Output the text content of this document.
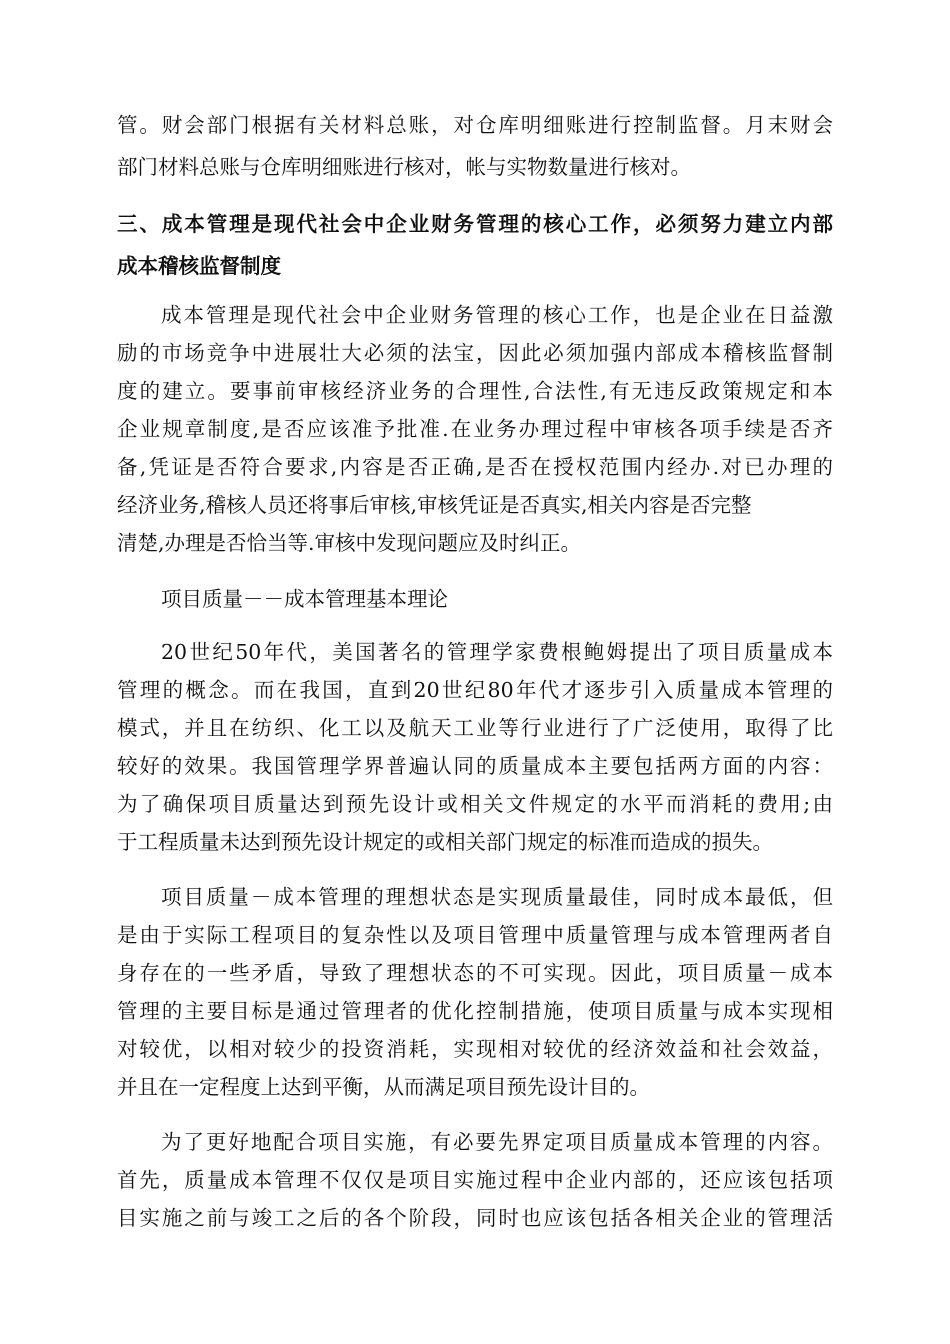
管。财会部门根据有关材料总账，对仓库明细账进行控制监督。月末财会
部门材料总账与仓库明细账进行核对，帐与实物数量进行核对。
三、成本管理是现代社会中企业财务管理的核心工作，必须努力建立内部
成本稽核监督制度
成本管理是现代社会中企业财务管理的核心工作，也是企业在日益激
励的市场竞争中进展壮大必须的法宝，因此必须加强内部成本稽核监督制
度的建立。要事前审核经济业务的合理性,合法性,有无违反政策规定和本
企业规章制度,是否应该准予批准.在业务办理过程中审核各项手续是否齐
备,凭证是否符合要求,内容是否正确,是否在授权范围内经办.对已办理的
经济业务,稽核人员还将事后审核,审核凭证是否真实,相关内容是否完整
清楚,办理是否恰当等.审核中发现问题应及时纠正。
项目质量－－成本管理基本理论
20世纪50年代，美国著名的管理学家费根鲍姆提出了项目质量成本
管理的概念。而在我国，直到20世纪80年代才逐步引入质量成本管理的
模式，并且在纺织、化工以及航天工业等行业进行了广泛使用，取得了比
较好的效果。我国管理学界普遍认同的质量成本主要包括两方面的内容：
为了确保项目质量达到预先设计或相关文件规定的水平而消耗的费用;由
于工程质量未达到预先设计规定的或相关部门规定的标准而造成的损失。
项目质量－成本管理的理想状态是实现质量最佳，同时成本最低，但
是由于实际工程项目的复杂性以及项目管理中质量管理与成本管理两者自
身存在的一些矛盾，导致了理想状态的不可实现。因此，项目质量－成本
管理的主要目标是通过管理者的优化控制措施，使项目质量与成本实现相
对较优，以相对较少的投资消耗，实现相对较优的经济效益和社会效益，
并且在一定程度上达到平衡，从而满足项目预先设计目的。
为了更好地配合项目实施，有必要先界定项目质量成本管理的内容。
首先，质量成本管理不仅仅是项目实施过程中企业内部的，还应该包括项
目实施之前与竣工之后的各个阶段，同时也应该包括各相关企业的管理活
